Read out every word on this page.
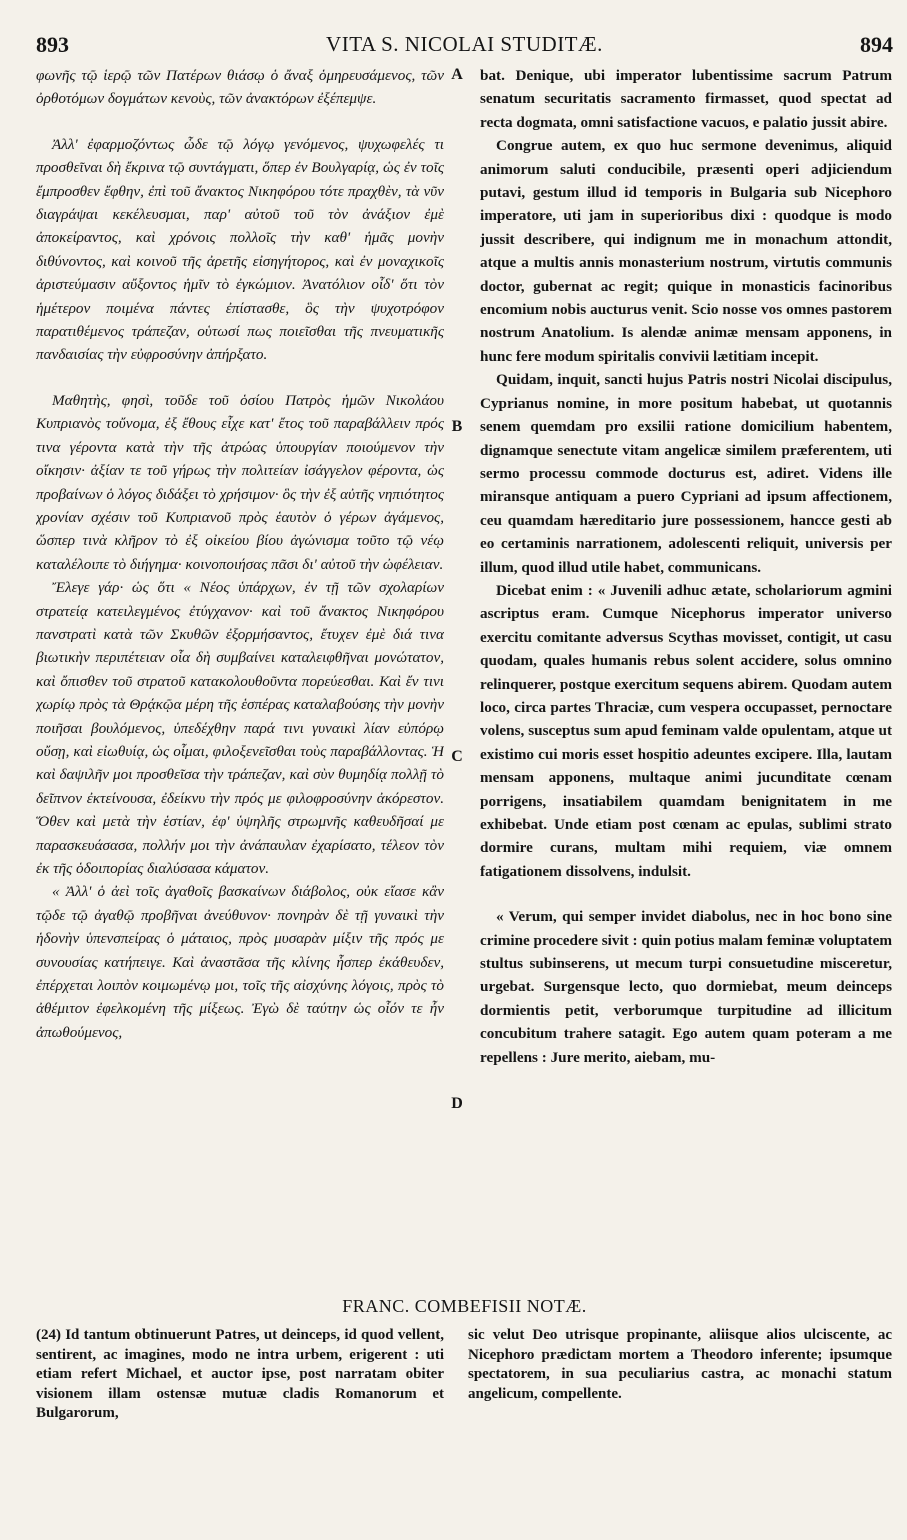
893	VITA S. NICOLAI STUDITÆ.	894

φωνῆς τῷ ἱερῷ τῶν Πατέρων θιάσῳ ὁ ἄναξ ὁμηρευσάμενος, τῶν ὀρθοτόμων δογμάτων κενοὺς, τῶν ἀνακτόρων ἐξέπεμψε.

Ἀλλ' ἐφαρμοζόντως ὧδε τῷ λόγῳ γενόμενος, ψυχωφελές τι προσθεῖναι δὴ ἔκρινα τῷ συντάγματι, ὅπερ ἐν Βουλγαρίᾳ, ὡς ἐν τοῖς ἔμπροσθεν ἔφθην, ἐπὶ τοῦ ἄνακτος Νικηφόρου τότε πραχθὲν, τὰ νῦν διαγράψαι κεκέλευσμαι, παρ' αὐτοῦ τοῦ τὸν ἀνάξιον ἐμὲ ἀποκείραντος, καὶ χρόνοις πολλοῖς τὴν καθ' ἡμᾶς μονὴν διθύνοντος, καὶ κοινοῦ τῆς ἀρετῆς εἰσηγήτορος, καὶ ἐν μοναχικοῖς ἀριστεύμασιν αὔξοντος ἡμῖν τὸ ἐγκώμιον. Ἀνατόλιον οἶδ' ὅτι τὸν ἡμέτερον ποιμένα πάντες ἐπίστασθε, ὃς τὴν ψυχοτρόφον παρατιθέμενος τράπεζαν, οὑτωσί πως ποιεῖσθαι τῆς πνευματικῆς πανδαισίας τὴν εὐφροσύνην ἀπήρξατο.

Μαθητὴς, φησὶ, τοῦδε τοῦ ὁσίου Πατρὸς ἡμῶν Νικολάου Κυπριανὸς τοὔνομα, ἐξ ἔθους εἶχε κατ' ἔτος τοῦ παραβάλλειν πρός τινα γέροντα κατὰ τὴν τῆς ἀτρώας ὑπουργίαν ποιούμενον τὴν οἴκησιν· ἀξίαν τε τοῦ γήρως τὴν πολιτείαν ἰσάγγελον φέροντα, ὡς προβαίνων ὁ λόγος διδάξει τὸ χρήσιμον· ὃς τὴν ἐξ αὐτῆς νηπιότητος χρονίαν σχέσιν τοῦ Κυπριανοῦ πρὸς ἑαυτὸν ὁ γέρων ἀγάμενος, ὥσπερ τινὰ κλῆρον τὸ ἐξ οἰκείου βίου ἀγώνισμα τοῦτο τῷ νέῳ καταλέλοιπε τὸ διήγημα· κοινοποιήσας πᾶσι δι' αὐτοῦ τὴν ὠφέλειαν.

Ἔλεγε γάρ· ὡς ὅτι « Νέος ὑπάρχων, ἐν τῇ τῶν σχολαρίων στρατείᾳ κατειλεγμένος ἐτύγχανον· καὶ τοῦ ἄνακτος Νικηφόρου πανστρατὶ κατὰ τῶν Σκυθῶν ἐξορμήσαντος, ἔτυχεν ἐμὲ διά τινα βιωτικὴν περιπέτειαν οἷα δὴ συμβαίνει καταλειφθῆναι μονώτατον, καὶ ὄπισθεν τοῦ στρατοῦ κατακολουθοῦντα πορεύεσθαι. Καὶ ἔν τινι χωρίῳ πρὸς τὰ Θρᾴκῷα μέρη τῆς ἑσπέρας καταλαβούσης τὴν μονὴν ποιῆσαι βουλόμενος, ὑπεδέχθην παρά τινι γυναικὶ λίαν εὐπόρῳ οὔσῃ, καὶ εἰωθυίᾳ, ὡς οἶμαι, φιλοξενεῖσθαι τοὺς παραβάλλοντας. Ἡ καὶ δαψιλῆν μοι προσθεῖσα τὴν τράπεζαν, καὶ σὺν θυμηδίᾳ πολλῇ τὸ δεῖπνον ἐκτείνουσα, ἐδείκνυ τὴν πρός με φιλοφροσύνην ἀκόρεστον. Ὅθεν καὶ μετὰ τὴν ἑστίαν, ἐφ' ὑψηλῆς στρωμνῆς καθευδῆσαί με παρασκευάσασα, πολλήν μοι τὴν ἀνάπαυλαν ἐχαρίσατο, τέλεον τὸν ἐκ τῆς ὁδοιπορίας διαλύσασα κάματον.

« Ἀλλ' ὁ ἀεὶ τοῖς ἀγαθοῖς βασκαίνων διάβολος, οὐκ εἴασε κἂν τῷδε τῷ ἀγαθῷ προβῆναι ἀνεύθυνον· πονηρὰν δὲ τῇ γυναικὶ τὴν ἡδονὴν ὑπενσπείρας ὁ μάταιος, πρὸς μυσαρὰν μίξιν τῆς πρός με συνουσίας κατήπειγε. Καὶ ἀναστᾶσα τῆς κλίνης ἧσπερ ἐκάθευδεν, ἐπέρχεται λοιπὸν κοιμωμένῳ μοι, τοῖς τῆς αἰσχύνης λόγοις, πρὸς τὸ ἀθέμιτον ἐφελκομένη τῆς μίξεως. Ἐγὼ δὲ ταύτην ὡς οἷόν τε ἦν ἀπωθούμενος,

A
B
C
D

bat. Denique, ubi imperator lubentissime sacrum Patrum senatum securitatis sacramento firmasset, quod spectat ad recta dogmata, omni satisfactione vacuos, e palatio jussit abire.

Congrue autem, ex quo huc sermone devenimus, aliquid animorum saluti conducibile, præsenti operi adjiciendum putavi, gestum illud id temporis in Bulgaria sub Nicephoro imperatore, uti jam in superioribus dixi : quodque is modo jussit describere, qui indignum me in monachum attondit, atque a multis annis monasterium nostrum, virtutis communis doctor, gubernat ac regit; quique in monasticis facinoribus encomium nobis aucturus venit. Scio nosse vos omnes pastorem nostrum Anatolium. Is alendæ animæ mensam apponens, in hunc fere modum spiritalis convivii lætitiam incepit.

Quidam, inquit, sancti hujus Patris nostri Nicolai discipulus, Cyprianus nomine, in more positum habebat, ut quotannis senem quemdam pro exsilii ratione domicilium habentem, dignamque senectute vitam angelicæ similem præferentem, uti sermo processu commode docturus est, adiret. Videns ille miransque antiquam a puero Cypriani ad ipsum affectionem, ceu quamdam hæreditario jure possessionem, hancce gesti ab eo certaminis narrationem, adolescenti reliquit, universis per illum, quod illud utile habet, communicans.

Dicebat enim : « Juvenili adhuc ætate, scholariorum agmini ascriptus eram. Cumque Nicephorus imperator universo exercitu comitante adversus Scythas movisset, contigit, ut casu quodam, quales humanis rebus solent accidere, solus omnino relinquerer, postque exercitum sequens abirem. Quodam autem loco, circa partes Thraciæ, cum vespera occupasset, pernoctare volens, susceptus sum apud feminam valde opulentam, atque ut existimo cui moris esset hospitio adeuntes excipere. Illa, lautam mensam apponens, multaque animi jucunditate cœnam porrigens, insatiabilem quamdam benignitatem in me exhibebat. Unde etiam post cœnam ac epulas, sublimi strato dormire curans, multam mihi requiem, viæ omnem fatigationem dissolvens, indulsit.

« Verum, qui semper invidet diabolus, nec in hoc bono sine crimine procedere sivit : quin potius malam feminæ voluptatem stultus subinserens, ut mecum turpi consuetudine misceretur, urgebat. Surgensque lecto, quo dormiebat, meum deinceps dormientis petit, verborumque turpitudine ad illicitum concubitum trahere satagit. Ego autem quam poteram a me repellens : Jure merito, aiebam, mu-

FRANC. COMBEFISII NOTÆ.

(24) Id tantum obtinuerunt Patres, ut deinceps, id quod vellent, sentirent, ac imagines, modo ne intra urbem, erigerent : uti etiam refert Michael, et auctor ipse, post narratam obiter visionem illam ostensæ mutuæ cladis Romanorum et Bulgarorum,

sic velut Deo utrisque propinante, aliisque alios ulciscente, ac Nicephoro prædictam mortem a Theodoro inferente; ipsumque spectatorem, in sua peculiarius castra, ac monachi statum angelicum, compellente.
